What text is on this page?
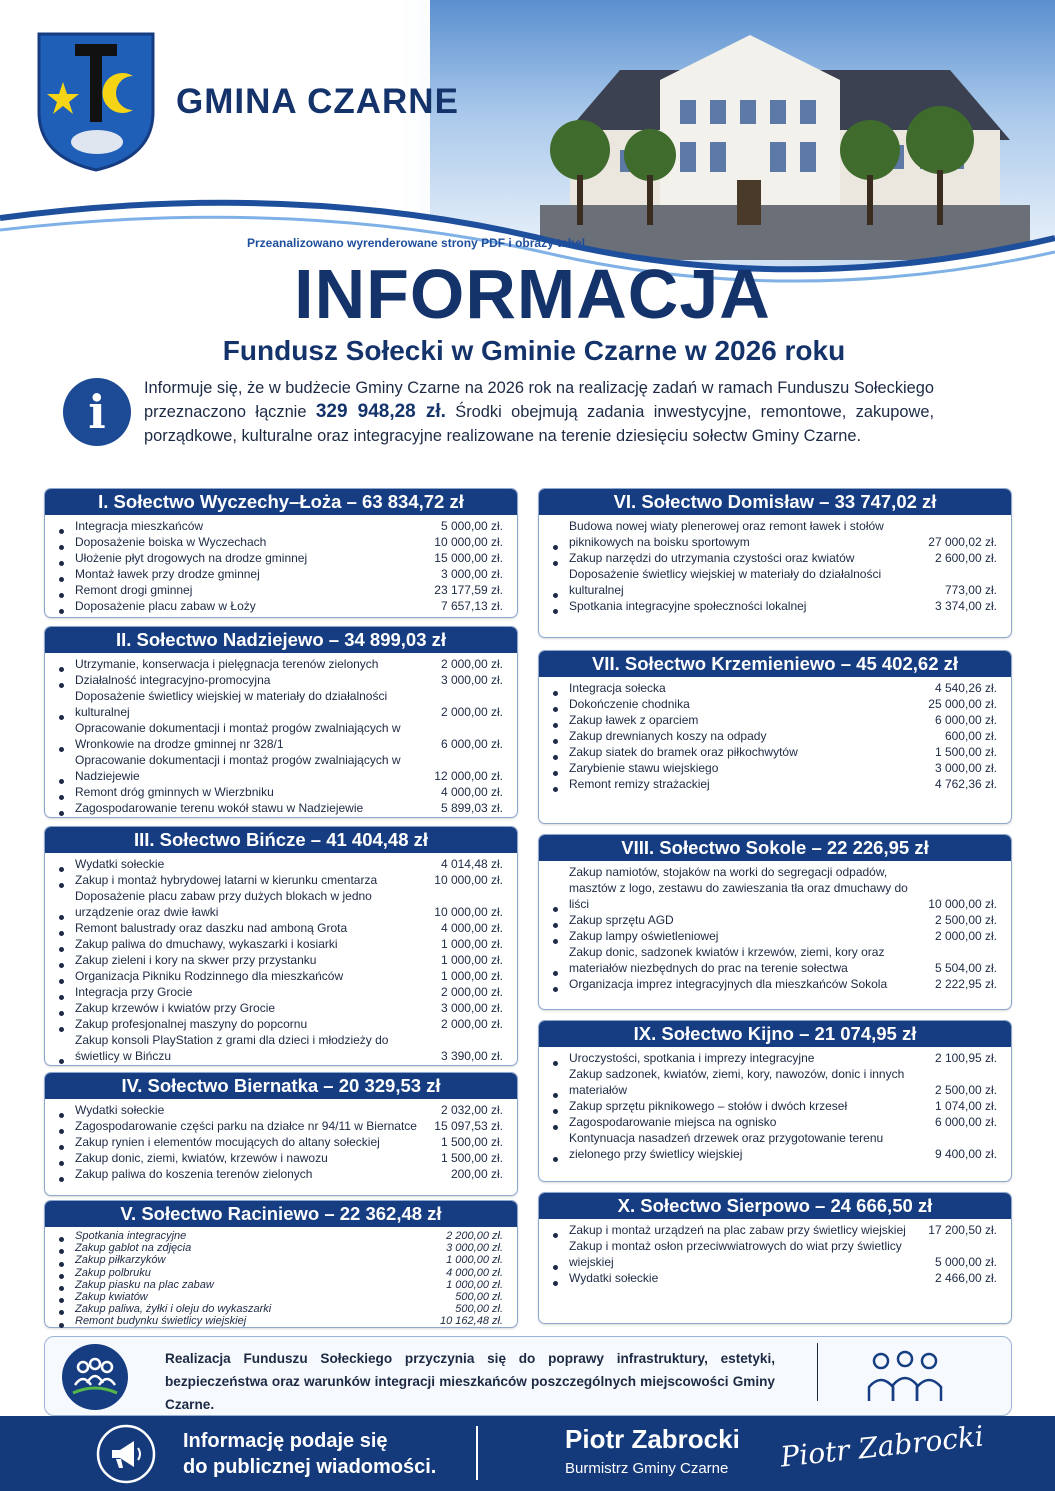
GMINA CZARNE
Przeanalizowano wyrenderowane strony PDF i obrazy tabel
INFORMACJA
Fundusz Sołecki w Gminie Czarne w 2026 roku
i	Informuje się, że w budżecie Gminy Czarne na 2026 rok na realizację zadań w ramach Funduszu Sołeckiego przeznaczono łącznie 329 948,28 zł. Środki obejmują zadania inwestycyjne, remontowe, zakupowe, porządkowe, kulturalne oraz integracyjne realizowane na terenie dziesięciu sołectw Gminy Czarne.
I. Sołectwo Wyczechy–Łoża – 63 834,72 zł
Integracja mieszkańców	5 000,00 zł.
Doposażenie boiska w Wyczechach	10 000,00 zł.
Ułożenie płyt drogowych na drodze gminnej	15 000,00 zł.
Montaż ławek przy drodze gminnej	3 000,00 zł.
Remont drogi gminnej	23 177,59 zł.
Doposażenie placu zabaw w Łoży	7 657,13 zł.
II. Sołectwo Nadziejewo – 34 899,03 zł
Utrzymanie, konserwacja i pielęgnacja terenów zielonych	2 000,00 zł.
Działalność integracyjno-promocyjna	3 000,00 zł.
Doposażenie świetlicy wiejskiej w materiały do działalności kulturalnej	2 000,00 zł.
Opracowanie dokumentacji i montaż progów zwalniających w Wronkowie na drodze gminnej nr 328/1	6 000,00 zł.
Opracowanie dokumentacji i montaż progów zwalniających w Nadziejewie	12 000,00 zł.
Remont dróg gminnych w Wierzbniku	4 000,00 zł.
Zagospodarowanie terenu wokół stawu w Nadziejewie	5 899,03 zł.
III. Sołectwo Bińcze – 41 404,48 zł
Wydatki sołeckie	4 014,48 zł.
Zakup i montaż hybrydowej latarni w kierunku cmentarza	10 000,00 zł.
Doposażenie placu zabaw przy dużych blokach w jedno urządzenie oraz dwie ławki	10 000,00 zł.
Remont balustrady oraz daszku nad amboną Grota	4 000,00 zł.
Zakup paliwa do dmuchawy, wykaszarki i kosiarki	1 000,00 zł.
Zakup zieleni i kory na skwer przy przystanku	1 000,00 zł.
Organizacja Pikniku Rodzinnego dla mieszkańców	1 000,00 zł.
Integracja przy Grocie	2 000,00 zł.
Zakup krzewów i kwiatów przy Grocie	3 000,00 zł.
Zakup profesjonalnej maszyny do popcornu	2 000,00 zł.
Zakup konsoli PlayStation z grami dla dzieci i młodzieży do świetlicy w Bińczu	3 390,00 zł.
IV. Sołectwo Biernatka – 20 329,53 zł
Wydatki sołeckie	2 032,00 zł.
Zagospodarowanie części parku na działce nr 94/11 w Biernatce	15 097,53 zł.
Zakup rynien i elementów mocujących do altany sołeckiej	1 500,00 zł.
Zakup donic, ziemi, kwiatów, krzewów i nawozu	1 500,00 zł.
Zakup paliwa do koszenia terenów zielonych	200,00 zł.
V. Sołectwo Raciniewo – 22 362,48 zł
Spotkania integracyjne	2 200,00 zł.
Zakup gablot na zdjęcia	3 000,00 zł.
Zakup piłkarzyków	1 000,00 zł.
Zakup polbruku	4 000,00 zł.
Zakup piasku na plac zabaw	1 000,00 zł.
Zakup kwiatów	500,00 zł.
Zakup paliwa, żyłki i oleju do wykaszarki	500,00 zł.
Remont budynku świetlicy wiejskiej	10 162,48 zł.
VI. Sołectwo Domisław – 33 747,02 zł
Budowa nowej wiaty plenerowej oraz remont ławek i stołów piknikowych na boisku sportowym	27 000,02 zł.
Zakup narzędzi do utrzymania czystości oraz kwiatów	2 600,00 zł.
Doposażenie świetlicy wiejskiej w materiały do działalności kulturalnej	773,00 zł.
Spotkania integracyjne społeczności lokalnej	3 374,00 zł.
VII. Sołectwo Krzemieniewo – 45 402,62 zł
Integracja sołecka	4 540,26 zł.
Dokończenie chodnika	25 000,00 zł.
Zakup ławek z oparciem	6 000,00 zł.
Zakup drewnianych koszy na odpady	600,00 zł.
Zakup siatek do bramek oraz piłkochwytów	1 500,00 zł.
Zarybienie stawu wiejskiego	3 000,00 zł.
Remont remizy strażackiej	4 762,36 zł.
VIII. Sołectwo Sokole – 22 226,95 zł
Zakup namiotów, stojaków na worki do segregacji odpadów, masztów z logo, zestawu do zawieszania tła oraz dmuchawy do liści	10 000,00 zł.
Zakup sprzętu AGD	2 500,00 zł.
Zakup lampy oświetleniowej	2 000,00 zł.
Zakup donic, sadzonek kwiatów i krzewów, ziemi, kory oraz materiałów niezbędnych do prac na terenie sołectwa	5 504,00 zł.
Organizacja imprez integracyjnych dla mieszkańców Sokola	2 222,95 zł.
IX. Sołectwo Kijno – 21 074,95 zł
Uroczystości, spotkania i imprezy integracyjne	2 100,95 zł.
Zakup sadzonek, kwiatów, ziemi, kory, nawozów, donic i innych materiałów	2 500,00 zł.
Zakup sprzętu piknikowego – stołów i dwóch krzeseł	1 074,00 zł.
Zagospodarowanie miejsca na ognisko	6 000,00 zł.
Kontynuacja nasadzeń drzewek oraz przygotowanie terenu zielonego przy świetlicy wiejskiej	9 400,00 zł.
X. Sołectwo Sierpowo – 24 666,50 zł
Zakup i montaż urządzeń na plac zabaw przy świetlicy wiejskiej	17 200,50 zł.
Zakup i montaż osłon przeciwwiatrowych do wiat przy świetlicy wiejskiej	5 000,00 zł.
Wydatki sołeckie	2 466,00 zł.
Realizacja Funduszu Sołeckiego przyczynia się do poprawy infrastruktury, estetyki, bezpieczeństwa oraz warunków integracji mieszkańców poszczególnych miejscowości Gminy Czarne.
Informację podaje się
do publicznej wiadomości.
Piotr Zabrocki
Burmistrz Gminy Czarne Piotr Zabrocki
